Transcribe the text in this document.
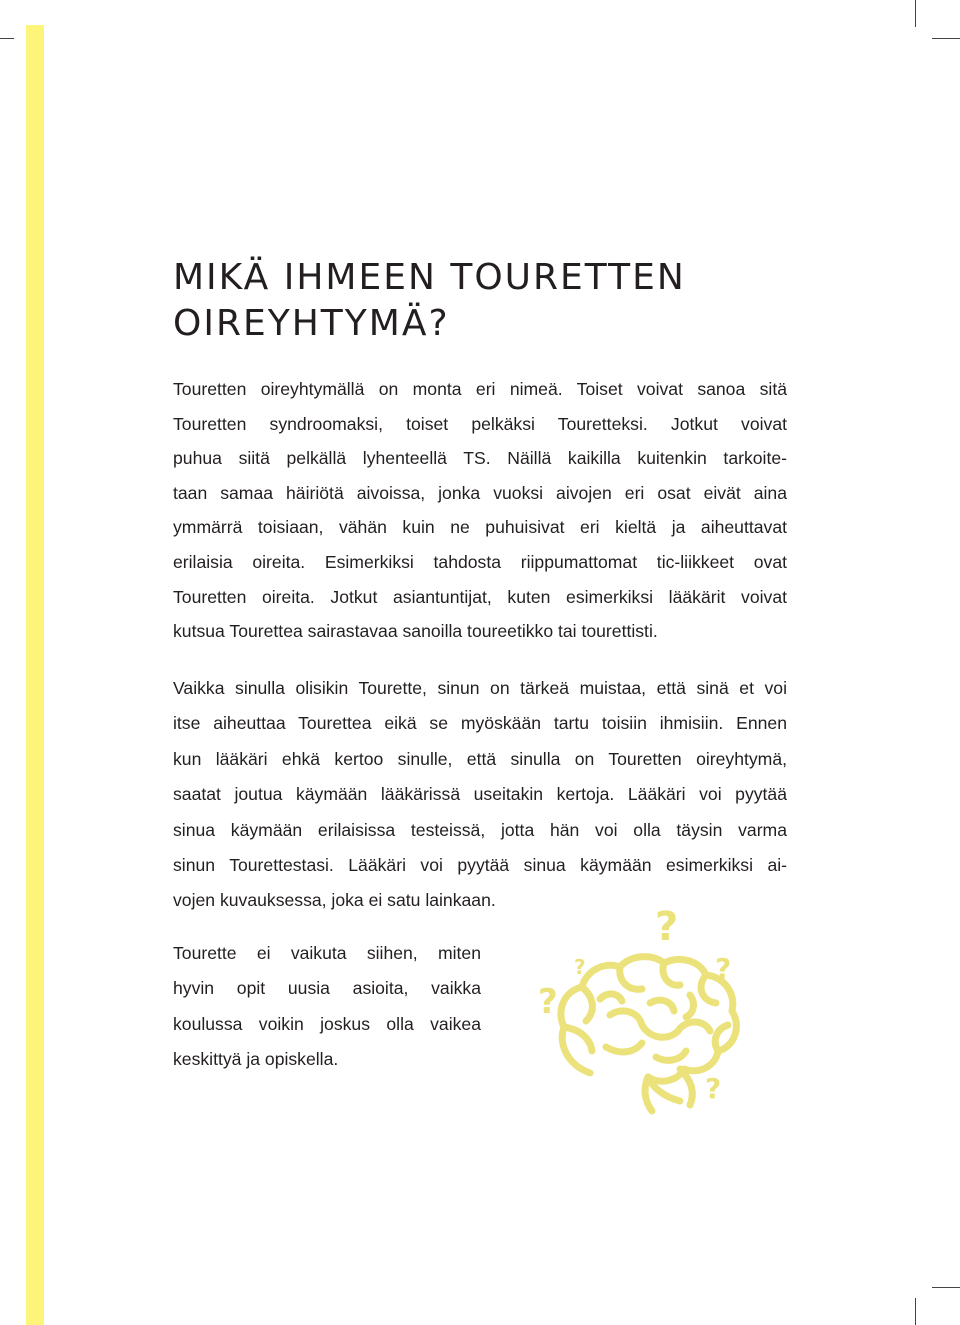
MIKÄ IHMEEN TOURETTEN
OIREYHTYMÄ?
Touretten oireyhtymällä on monta eri nimeä. Toiset voivat sanoa sitä
Touretten syndroomaksi, toiset pelkäksi Touretteksi. Jotkut voivat
puhua siitä pelkällä lyhenteellä TS. Näillä kaikilla kuitenkin tarkoite-
taan samaa häiriötä aivoissa, jonka vuoksi aivojen eri osat eivät aina
ymmärrä toisiaan, vähän kuin ne puhuisivat eri kieltä ja aiheuttavat
erilaisia oireita. Esimerkiksi tahdosta riippumattomat tic-liikkeet ovat
Touretten oireita. Jotkut asiantuntijat, kuten esimerkiksi lääkärit voivat
kutsua Tourettea sairastavaa sanoilla toureetikko tai tourettisti.
Vaikka sinulla olisikin Tourette, sinun on tärkeä muistaa, että sinä et voi
itse aiheuttaa Tourettea eikä se myöskään tartu toisiin ihmisiin. Ennen
kun lääkäri ehkä kertoo sinulle, että sinulla on Touretten oireyhtymä,
saatat joutua käymään lääkärissä useitakin kertoja. Lääkäri voi pyytää
sinua käymään erilaisissa testeissä, jotta hän voi olla täysin varma
sinun Tourettestasi. Lääkäri voi pyytää sinua käymään esimerkiksi ai-
vojen kuvauksessa, joka ei satu lainkaan.
Tourette ei vaikuta siihen, miten
hyvin opit uusia asioita, vaikka
koulussa voikin joskus olla vaikea
keskittyä ja opiskella.
?
?
?
?
?
